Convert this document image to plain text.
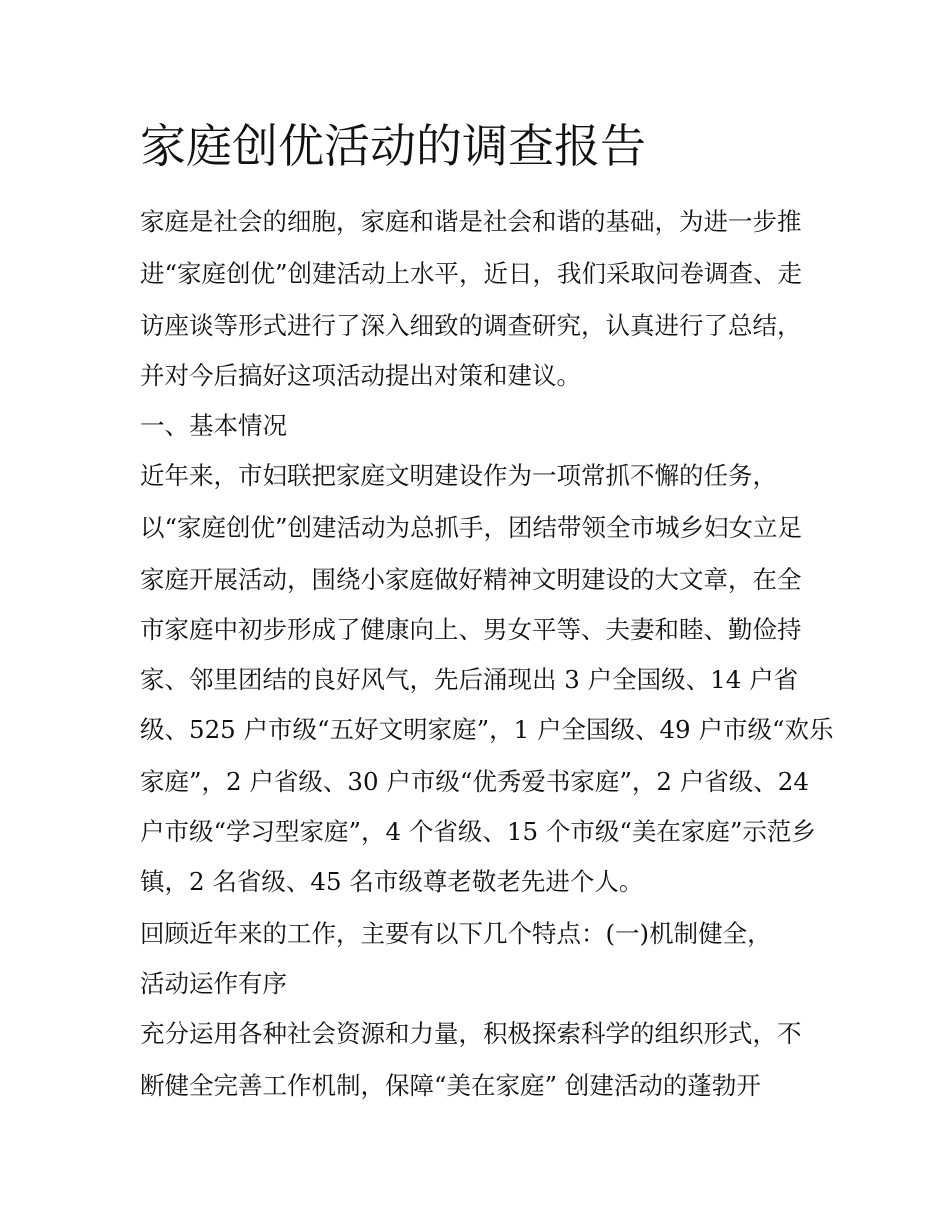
家庭创优活动的调查报告
家庭是社会的细胞，家庭和谐是社会和谐的基础，为进一步推
进“家庭创优”创建活动上水平，近日，我们采取问卷调查、走
访座谈等形式进行了深入细致的调查研究，认真进行了总结，
并对今后搞好这项活动提出对策和建议。
一、基本情况
近年来，市妇联把家庭文明建设作为一项常抓不懈的任务，
以“家庭创优”创建活动为总抓手，团结带领全市城乡妇女立足
家庭开展活动，围绕小家庭做好精神文明建设的大文章，在全
市家庭中初步形成了健康向上、男女平等、夫妻和睦、勤俭持
家、邻里团结的良好风气，先后涌现出 3 户全国级、14 户省
级、525 户市级“五好文明家庭”，1 户全国级、49 户市级“欢乐
家庭”，2 户省级、30 户市级“优秀爱书家庭”，2 户省级、24
户市级“学习型家庭”，4 个省级、15 个市级“美在家庭”示范乡
镇，2 名省级、45 名市级尊老敬老先进个人。
回顾近年来的工作，主要有以下几个特点：(一)机制健全，
活动运作有序
充分运用各种社会资源和力量，积极探索科学的组织形式，不
断健全完善工作机制，保障“美在家庭” 创建活动的蓬勃开
